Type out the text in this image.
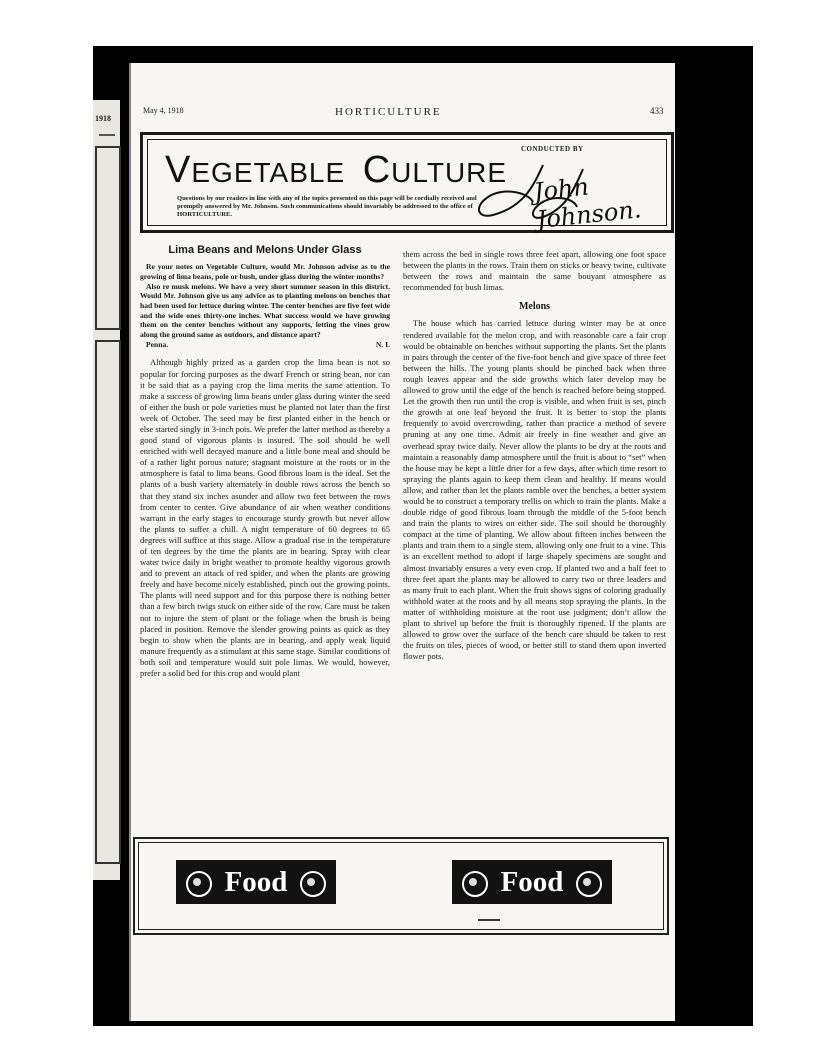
1918
May 4, 1918	HORTICULTURE	433
VEGETABLE CULTURE
Questions by our readers in line with any of the topics presented on this page will be cordially received and promptly answered by Mr. Johnson. Such communications should invariably be addressed to the office of HORTICULTURE.
CONDUCTED BY
John Johnson.
Lima Beans and Melons Under Glass

Re your notes on Vegetable Culture, would Mr. Johnson advise as to the growing of lima beans, pole or bush, under glass during the winter months?

Also re musk melons. We have a very short summer season in this district. Would Mr. Johnson give us any advice as to planting melons on benches that had been used for lettuce during winter. The center benches are five feet wide and the wide ones thirty-one inches. What success would we have growing them on the center benches without any supports, letting the vines grow along the ground same as outdoors, and distance apart?

Penna.	N. I.

Although highly prized as a garden crop the lima bean is not so popular for forcing purposes as the dwarf French or string bean, nor can it be said that as a paying crop the lima merits the same attention. To make a success of growing lima beans under glass during winter the seed of either the bush or pole varieties must be planted not later than the first week of October. The seed may be first planted either in the bench or else started singly in 3-inch pots. We prefer the latter method as thereby a good stand of vigorous plants is insured. The soil should be well enriched with well decayed manure and a little bone meal and should be of a rather light porous nature; stagnant moisture at the roots or in the atmosphere is fatal to lima beans. Good fibrous loam is the ideal. Set the plants of a bush variety alternately in double rows across the bench so that they stand six inches asunder and allow two feet between the rows from center to center. Give abundance of air when weather conditions warrant in the early stages to encourage sturdy growth but never allow the plants to suffer a chill. A night temperature of 60 degrees to 65 degrees will suffice at this stage. Allow a gradual rise in the temperature of ten degrees by the time the plants are in bearing. Spray with clear water twice daily in bright weather to promote healthy vigorous growth and to prevent an attack of red spider, and when the plants are growing freely and have become nicely established, pinch out the growing points. The plants will need support and for this purpose there is nothing better than a few birch twigs stuck on either side of the row. Care must be taken not to injure the stem of plant or the foliage when the brush is being placed in position. Remove the slender growing points as quick as they begin to show when the plants are in bearing, and apply weak liquid manure frequently as a stimulant at this same stage. Similar conditions of both soil and temperature would suit pole limas. We would, however, prefer a solid bed for this crop and would plant

them across the bed in single rows three feet apart, allowing one foot space between the plants in the rows. Train them on sticks or heavy twine, cultivate between the rows and maintain the same bouyant atmosphere as recommended for bush limas.

Melons

The house which has carried lettuce during winter may be at once rendered available for the melon crop, and with reasonable care a fair crop would be obtainable on benches without supporting the plants. Set the plants in pairs through the center of the five-foot bench and give space of three feet between the hills. The young plants should be pinched back when three rough leaves appear and the side growths which later develop may be allowed to grow until the edge of the bench is reached before being stopped. Let the growth then run until the crop is visible, and when fruit is set, pinch the growth at one leaf beyond the fruit. It is better to stop the plants frequently to avoid overcrowding, rather than practice a method of severe pruning at any one time. Admit air freely in fine weather and give an overhead spray twice daily. Never allow the plants to be dry at the roots and maintain a reasonably damp atmosphere until the fruit is about to “set” when the house may be kept a little drier for a few days, after which time resort to spraying the plants again to keep them clean and healthy. If means would allow, and rather than let the plants ramble over the benches, a better system would be to construct a temporary trellis on which to train the plants. Make a double ridge of good fibrous loam through the middle of the 5-foot bench and train the plants to wires on either side. The soil should be thoroughly compact at the time of planting. We allow about fifteen inches between the plants and train them to a single stem, allowing only one fruit to a vine. This is an excellent method to adopt if large shapely specimens are sought and almost invariably ensures a very even crop. If planted two and a half feet to three feet apart the plants may be allowed to carry two or three leaders and as many fruit to each plant. When the fruit shows signs of coloring gradually withhold water at the roots and by all means stop spraying the plants. In the matter of withholding moisture at the root use judgment; don’t allow the plant to shrivel up before the fruit is thoroughly ripened. If the plants are allowed to grow over the surface of the bench care should be taken to rest the fruits on tiles, pieces of wood, or better still to stand them upon inverted flower pots.

Food	Food
